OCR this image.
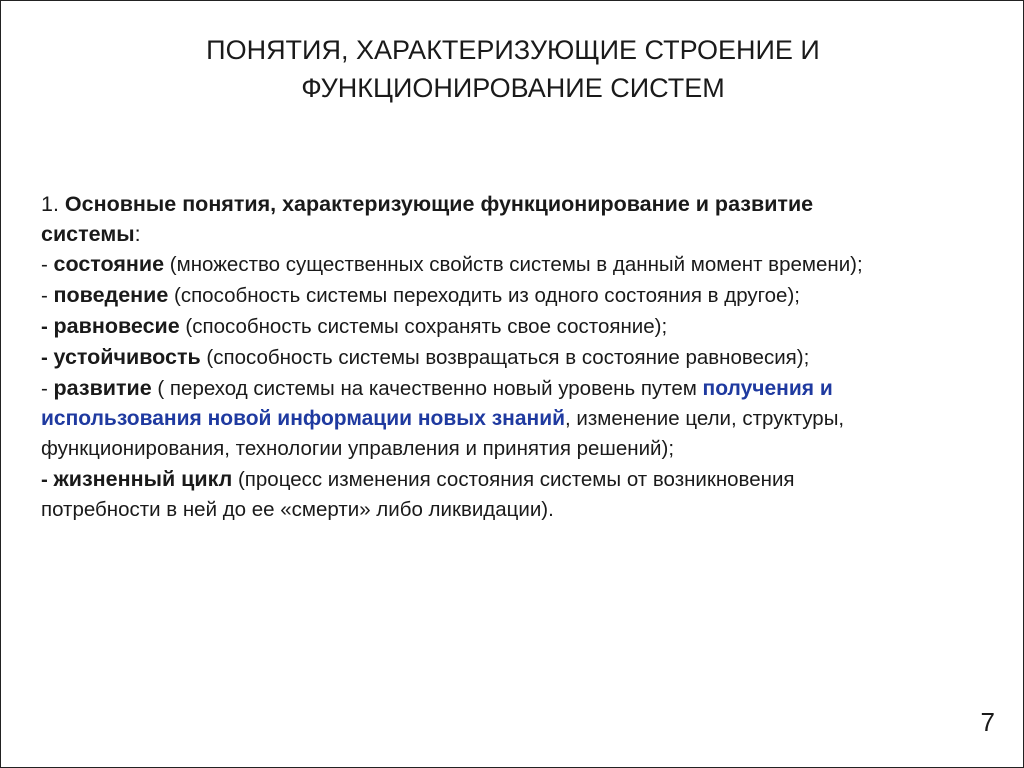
ПОНЯТИЯ, ХАРАКТЕРИЗУЮЩИЕ СТРОЕНИЕ И
ФУНКЦИОНИРОВАНИЕ СИСТЕМ
1. Основные понятия, характеризующие функционирование и развитие
системы:
- состояние (множество существенных свойств системы в данный момент времени);
- поведение (способность системы переходить из одного состояния в другое);
- равновесие (способность системы сохранять свое состояние);
- устойчивость (способность системы возвращаться в состояние равновесия);
- развитие ( переход системы на качественно новый уровень путем получения и
использования новой информации новых знаний, изменение цели, структуры,
функционирования, технологии управления и принятия решений);
- жизненный цикл (процесс изменения состояния системы от возникновения
потребности в ней до ее «смерти» либо ликвидации).
7
